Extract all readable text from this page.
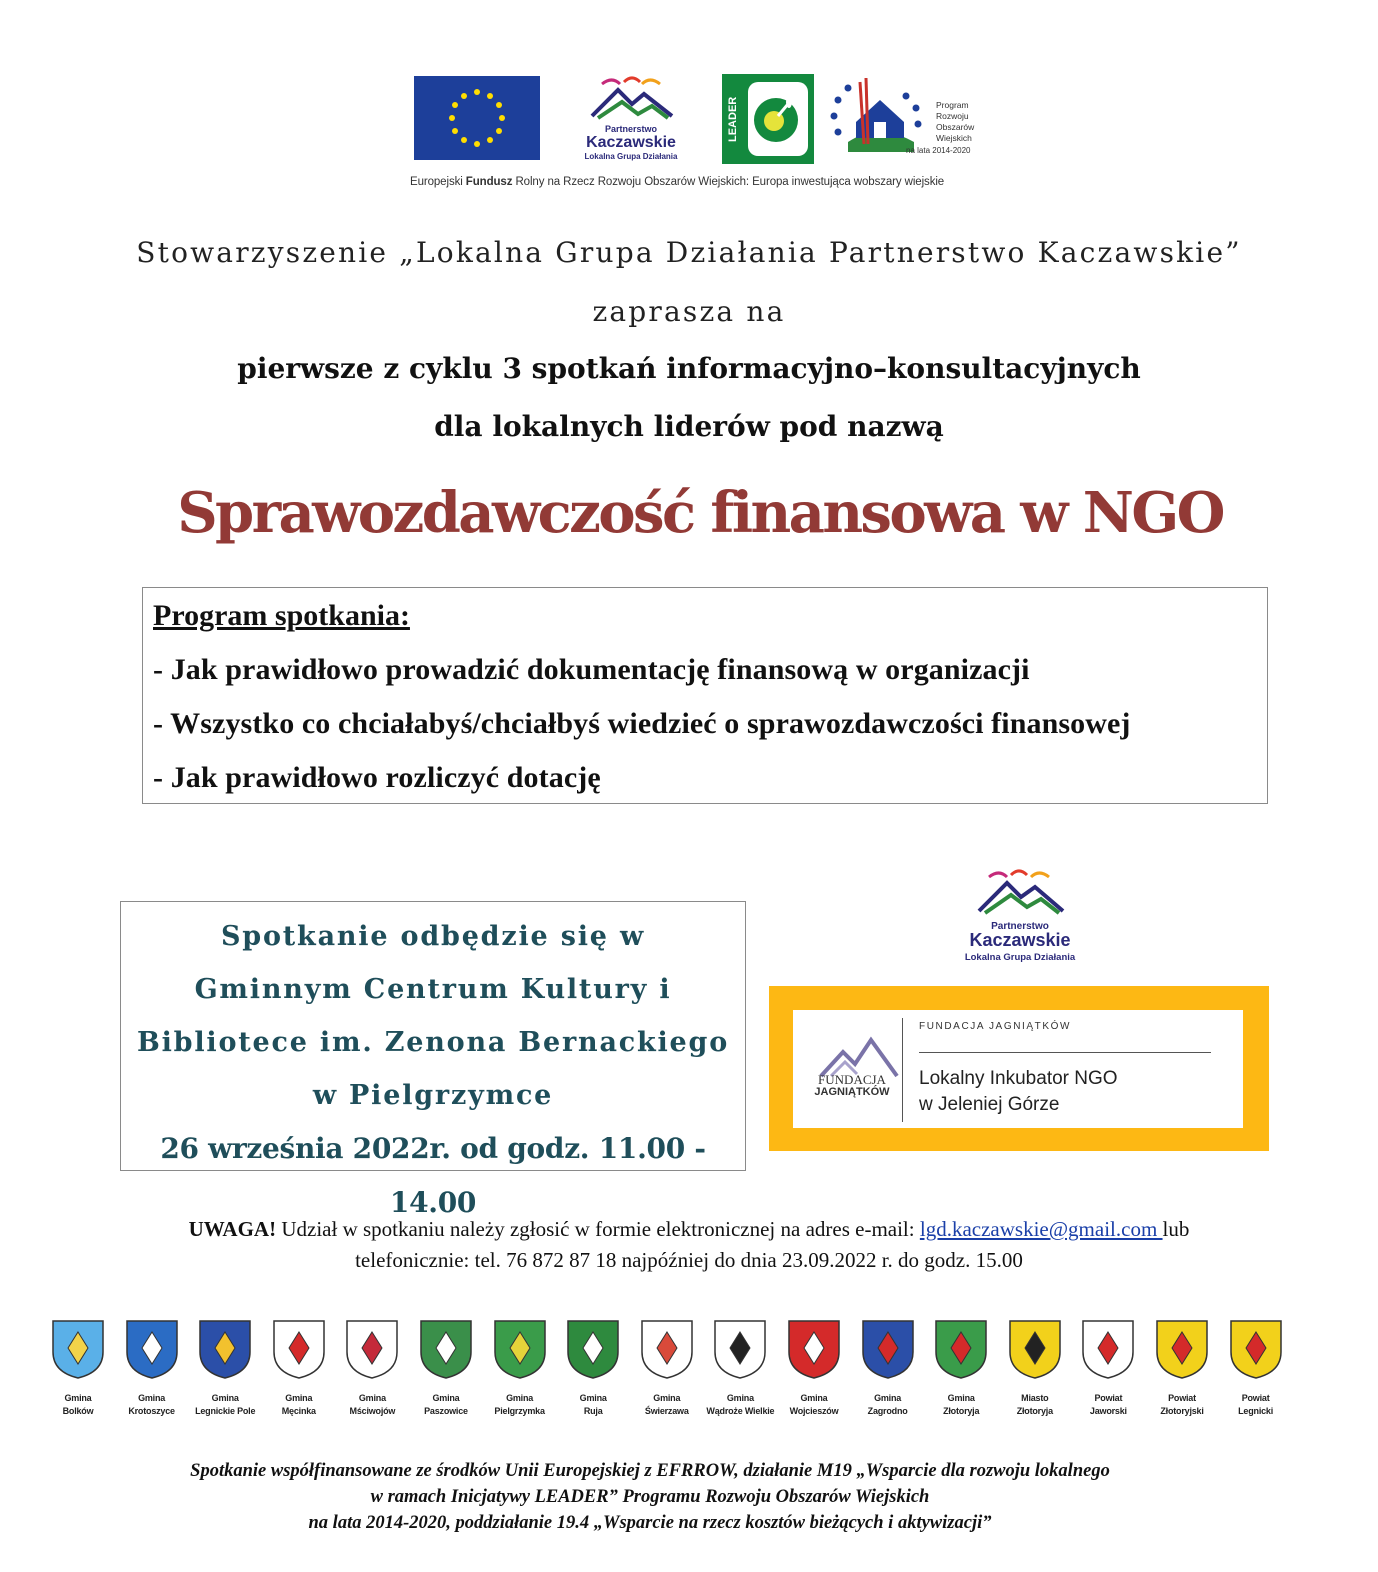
Partnerstwo
Kaczawskie
Lokalna Grupa Działania
LEADER	Program
Rozwoju
Obszarów
Wiejskich
na lata 2014-2020
Europejski Fundusz Rolny na Rzecz Rozwoju Obszarów Wiejskich: Europa inwestująca wobszary wiejskie
Stowarzyszenie „Lokalna Grupa Działania Partnerstwo Kaczawskie”
zaprasza na
pierwsze z cyklu 3 spotkań informacyjno–konsultacyjnych
dla lokalnych liderów pod nazwą
Sprawozdawczość finansowa w NGO
Program spotkania:
- Jak prawidłowo prowadzić dokumentację finansową w organizacji
- Wszystko co chciałabyś/chciałbyś wiedzieć o sprawozdawczości finansowej
- Jak prawidłowo rozliczyć dotację
Spotkanie odbędzie się w
Gminnym Centrum Kultury i
Bibliotece im. Zenona Bernackiego
w Pielgrzymce
26 września 2022r. od godz. 11.00 - 14.00
Partnerstwo
Kaczawskie
Lokalna Grupa Działania
FUNDACJA
JAGNIĄTKÓW
FUNDACJA JAGNIĄTKÓW
Lokalny Inkubator NGO
w Jeleniej Górze
UWAGA! Udział w spotkaniu należy zgłosić w formie elektronicznej na adres e-mail: lgd.kaczawskie@gmail.com lub
telefonicznie: tel. 76 872 87 18 najpóźniej do dnia 23.09.2022 r. do godz. 15.00
Gmina
Bolków
Gmina
Krotoszyce
Gmina
Legnickie Pole
Gmina
Męcinka
Gmina
Mściwojów
Gmina
Paszowice
Gmina
Pielgrzymka
Gmina
Ruja
Gmina
Świerzawa
Gmina
Wądroże Wielkie
Gmina
Wojcieszów
Gmina
Zagrodno
Gmina
Złotoryja
Miasto
Złotoryja
Powiat
Jaworski
Powiat
Złotoryjski
Powiat
Legnicki
Spotkanie współfinansowane ze środków Unii Europejskiej z EFRROW, działanie M19 „Wsparcie dla rozwoju lokalnego
w ramach Inicjatywy LEADER” Programu Rozwoju Obszarów Wiejskich
na lata 2014-2020, poddziałanie 19.4 „Wsparcie na rzecz kosztów bieżących i aktywizacji”
